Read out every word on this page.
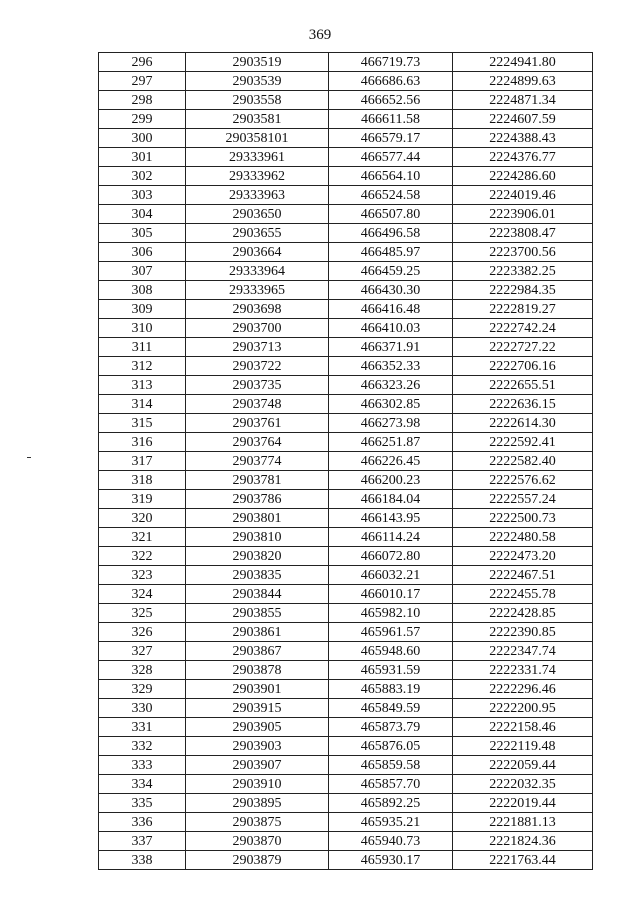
369
296	2903519	466719.73	2224941.80
297	2903539	466686.63	2224899.63
298	2903558	466652.56	2224871.34
299	2903581	466611.58	2224607.59
300	290358101	466579.17	2224388.43
301	29333961	466577.44	2224376.77
302	29333962	466564.10	2224286.60
303	29333963	466524.58	2224019.46
304	2903650	466507.80	2223906.01
305	2903655	466496.58	2223808.47
306	2903664	466485.97	2223700.56
307	29333964	466459.25	2223382.25
308	29333965	466430.30	2222984.35
309	2903698	466416.48	2222819.27
310	2903700	466410.03	2222742.24
311	2903713	466371.91	2222727.22
312	2903722	466352.33	2222706.16
313	2903735	466323.26	2222655.51
314	2903748	466302.85	2222636.15
315	2903761	466273.98	2222614.30
316	2903764	466251.87	2222592.41
317	2903774	466226.45	2222582.40
318	2903781	466200.23	2222576.62
319	2903786	466184.04	2222557.24
320	2903801	466143.95	2222500.73
321	2903810	466114.24	2222480.58
322	2903820	466072.80	2222473.20
323	2903835	466032.21	2222467.51
324	2903844	466010.17	2222455.78
325	2903855	465982.10	2222428.85
326	2903861	465961.57	2222390.85
327	2903867	465948.60	2222347.74
328	2903878	465931.59	2222331.74
329	2903901	465883.19	2222296.46
330	2903915	465849.59	2222200.95
331	2903905	465873.79	2222158.46
332	2903903	465876.05	2222119.48
333	2903907	465859.58	2222059.44
334	2903910	465857.70	2222032.35
335	2903895	465892.25	2222019.44
336	2903875	465935.21	2221881.13
337	2903870	465940.73	2221824.36
338	2903879	465930.17	2221763.44
